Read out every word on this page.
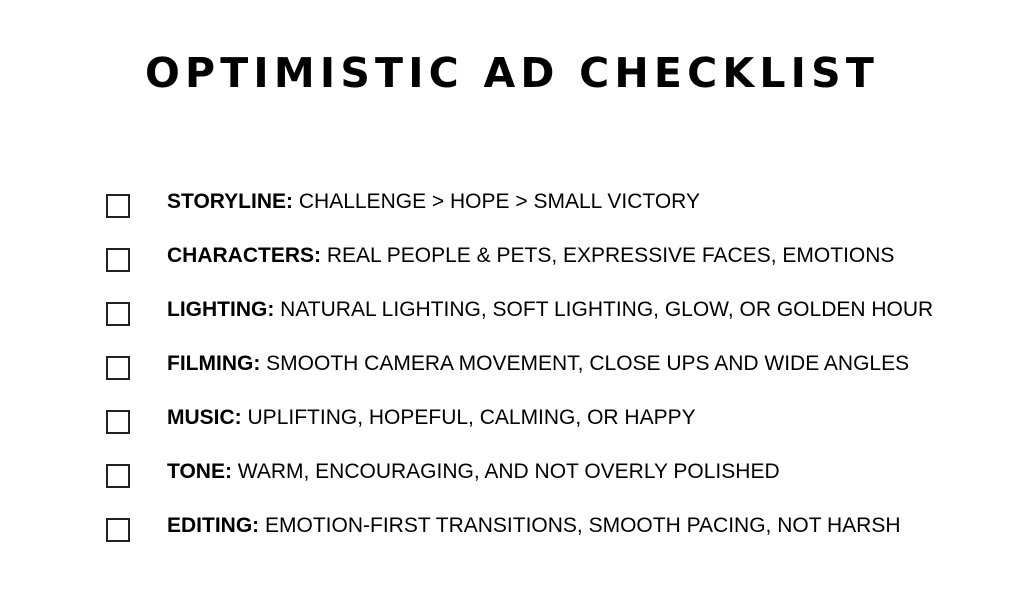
OPTIMISTIC AD CHECKLIST
STORYLINE: CHALLENGE > HOPE > SMALL VICTORY
CHARACTERS: REAL PEOPLE & PETS, EXPRESSIVE FACES, EMOTIONS
LIGHTING: NATURAL LIGHTING, SOFT LIGHTING, GLOW, OR GOLDEN HOUR
FILMING: SMOOTH CAMERA MOVEMENT, CLOSE UPS AND WIDE ANGLES
MUSIC: UPLIFTING, HOPEFUL, CALMING, OR HAPPY
TONE: WARM, ENCOURAGING, AND NOT OVERLY POLISHED
EDITING: EMOTION-FIRST TRANSITIONS, SMOOTH PACING, NOT HARSH
